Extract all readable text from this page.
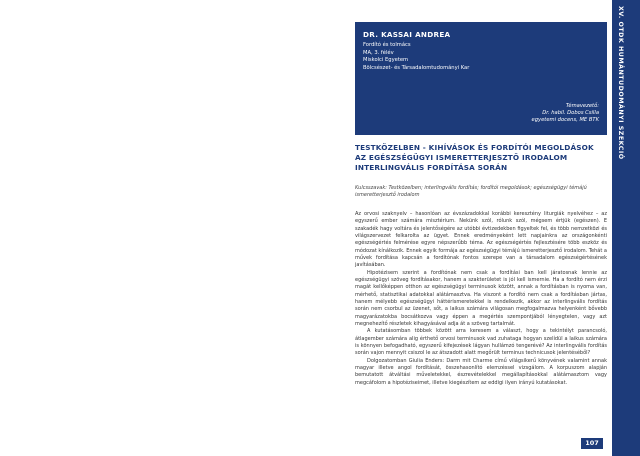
XV. OTDK HUMÁNTUDOMÁNYI SZEKCIÓ
DR. KASSAI ANDREA
Fordító és tolmács
MA, 3. félév
Miskolci Egyetem
Bölcsészet- és Társadalomtudományi Kar
Témavezető:
Dr. habil. Dobos Csilla
egyetemi docens, ME BTK
TESTKÖZELBEN - KIHÍVÁSOK ÉS FORDÍTÓI MEGOLDÁSOK AZ EGÉSZSÉGÜGYI ISMERETTERJESZTŐ IRODALOM INTERLINGVÁLIS FORDÍTÁSA SORÁN
Kulcsszavak: Testközelben; interlingvális fordítás; fordítói megoldások; egészségügyi témájú ismeretterjesztő irodalom

Az orvosi szaknyelv – hasonlóan az évszázadokkal korábbi keresztény liturgiák nyelvéhez – az egyszerű ember számára misztérium. Nekünk szól, rólunk szól, mégsem értjük (egészen). E szakadék hagy voltára és jelentőségére az utóbbi évtizedekben figyeltek fel, és több nemzetközi és világszervezet felkarolta az ügyet. Ennek eredményeként lett napjainkra az országonkénti egészségértés felmérése egyre népszerűbb téma. Az egészségértés fejlesztésére több eszköz és módozat kínálkozik. Ennek egyik formája az egészségügyi témájú ismeretterjesztő irodalom. Tehát a művek fordítása kapcsán a fordítónak fontos szerepe van a társadalom egészségértésének javításában.

Hipotézisem szerint a fordítónak nem csak a fordítási ban kell járatosnak lennie az egészségügyi szöveg fordításakor, hanem a szakterületet is jól kell ismernie. Ha a fordító nem érzi magát kellőképpen otthon az egészségügyi terminusok között, annak a fordításban is nyoma van, mérhető, statisztikai adatokkal alátámasztva. Ha viszont a fordító nem csak a fordításban jártas, hanem mélyebb egészségügyi háttérismeretekkel is rendelkezik, akkor az interlingvális fordítás során nem csorbul az üzenet, sőt, a laikus számára világosan megfogalmazva helyenként bővebb magyarázatokba bocsátkozva vagy éppen a megértés szempontjából lényegtelen, vagy azt megnehezítő részletek kihagyásával adja át a szöveg tartalmát.

A kutatásomban többek között arra keresem a választ, hogy a tekintélyt parancsoló, átlagember számára alig érthető orvosi terminusok vad zuhataga hogyan szelídül a laikus számára is könnyen befogadható, egyszerű kifejezések lágyan hullámzó tengerévé? Az interlingvális fordítás során vajon mennyit csiszol le az átszadott alatt megőrült terminus technicusok jelentéséből?

Dolgozatomban Giulia Enders: Darm mit Charme című világsikerű könyvének valamint annak magyar illetve angol fordítását, összehasonlító elemzéssel vizsgálom. A korpuszom alapján bemutatott átváltási műveletekkel, észrevételekkel megállapításokkal alátámasztom vagy megcáfolom a hipotéziseimet, illetve kiegészítem az eddigi ilyen irányú kutatásokat.

107
